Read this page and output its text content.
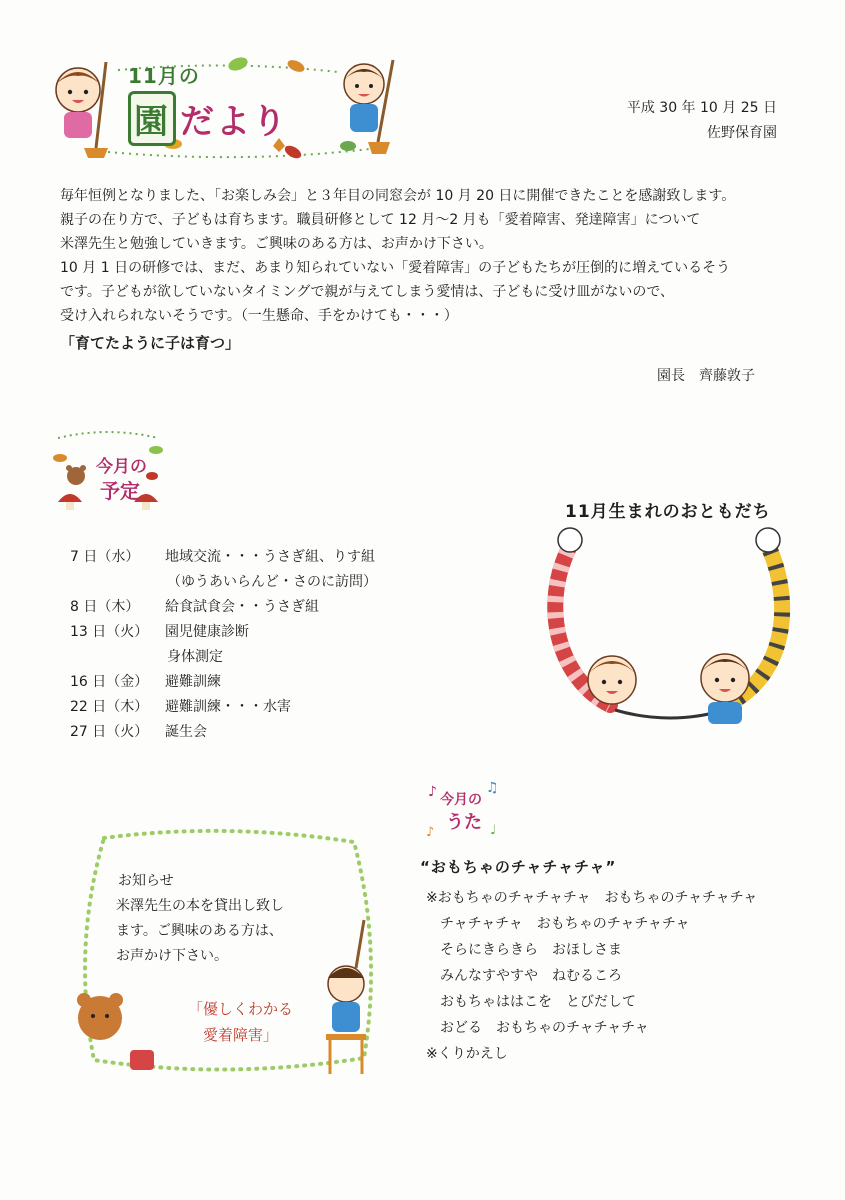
11月の
園 だより	平成 30 年 10 月 25 日
佐野保育園

毎年恒例となりました、「お楽しみ会」と３年目の同窓会が 10 月 20 日に開催できたことを感謝致します。

親子の在り方で、子どもは育ちます。職員研修として 12 月～2 月も「愛着障害、発達障害」について

米澤先生と勉強していきます。ご興味のある方は、お声かけ下さい。

10 月 1 日の研修では、まだ、あまり知られていない「愛着障害」の子どもたちが圧倒的に増えているそう

です。子どもが欲していないタイミングで親が与えてしまう愛情は、子どもに受け皿がないので、

受け入れられないそうです。（一生懸命、手をかけても・・・）

「育てたように子は育つ」
園長　齊藤敦子
今月の
予定
7 日（水） 地域交流・・・うさぎ組、りす組
（ゆうあいらんど・さのに訪問）
8 日（木） 給食試食会・・うさぎ組
13 日（火） 園児健康診断
身体測定
16 日（金） 避難訓練
22 日（木） 避難訓練・・・水害
27 日（火） 誕生会
11月生まれのおともだち
お知らせ
米澤先生の本を貸出し致し
ます。ご興味のある方は、
お声かけ下さい。
「優しくわかる
愛着障害」
♪	♫
♪	♩
今月の
うた
“おもちゃのチャチャチャ”
※おもちゃのチャチャチャ　おもちゃのチャチャチャ
　チャチャチャ　おもちゃのチャチャチャ
　そらにきらきら　おほしさま
　みんなすやすや　ねむるころ
　おもちゃははこを　とびだして
　おどる　おもちゃのチャチャチャ
※くりかえし
